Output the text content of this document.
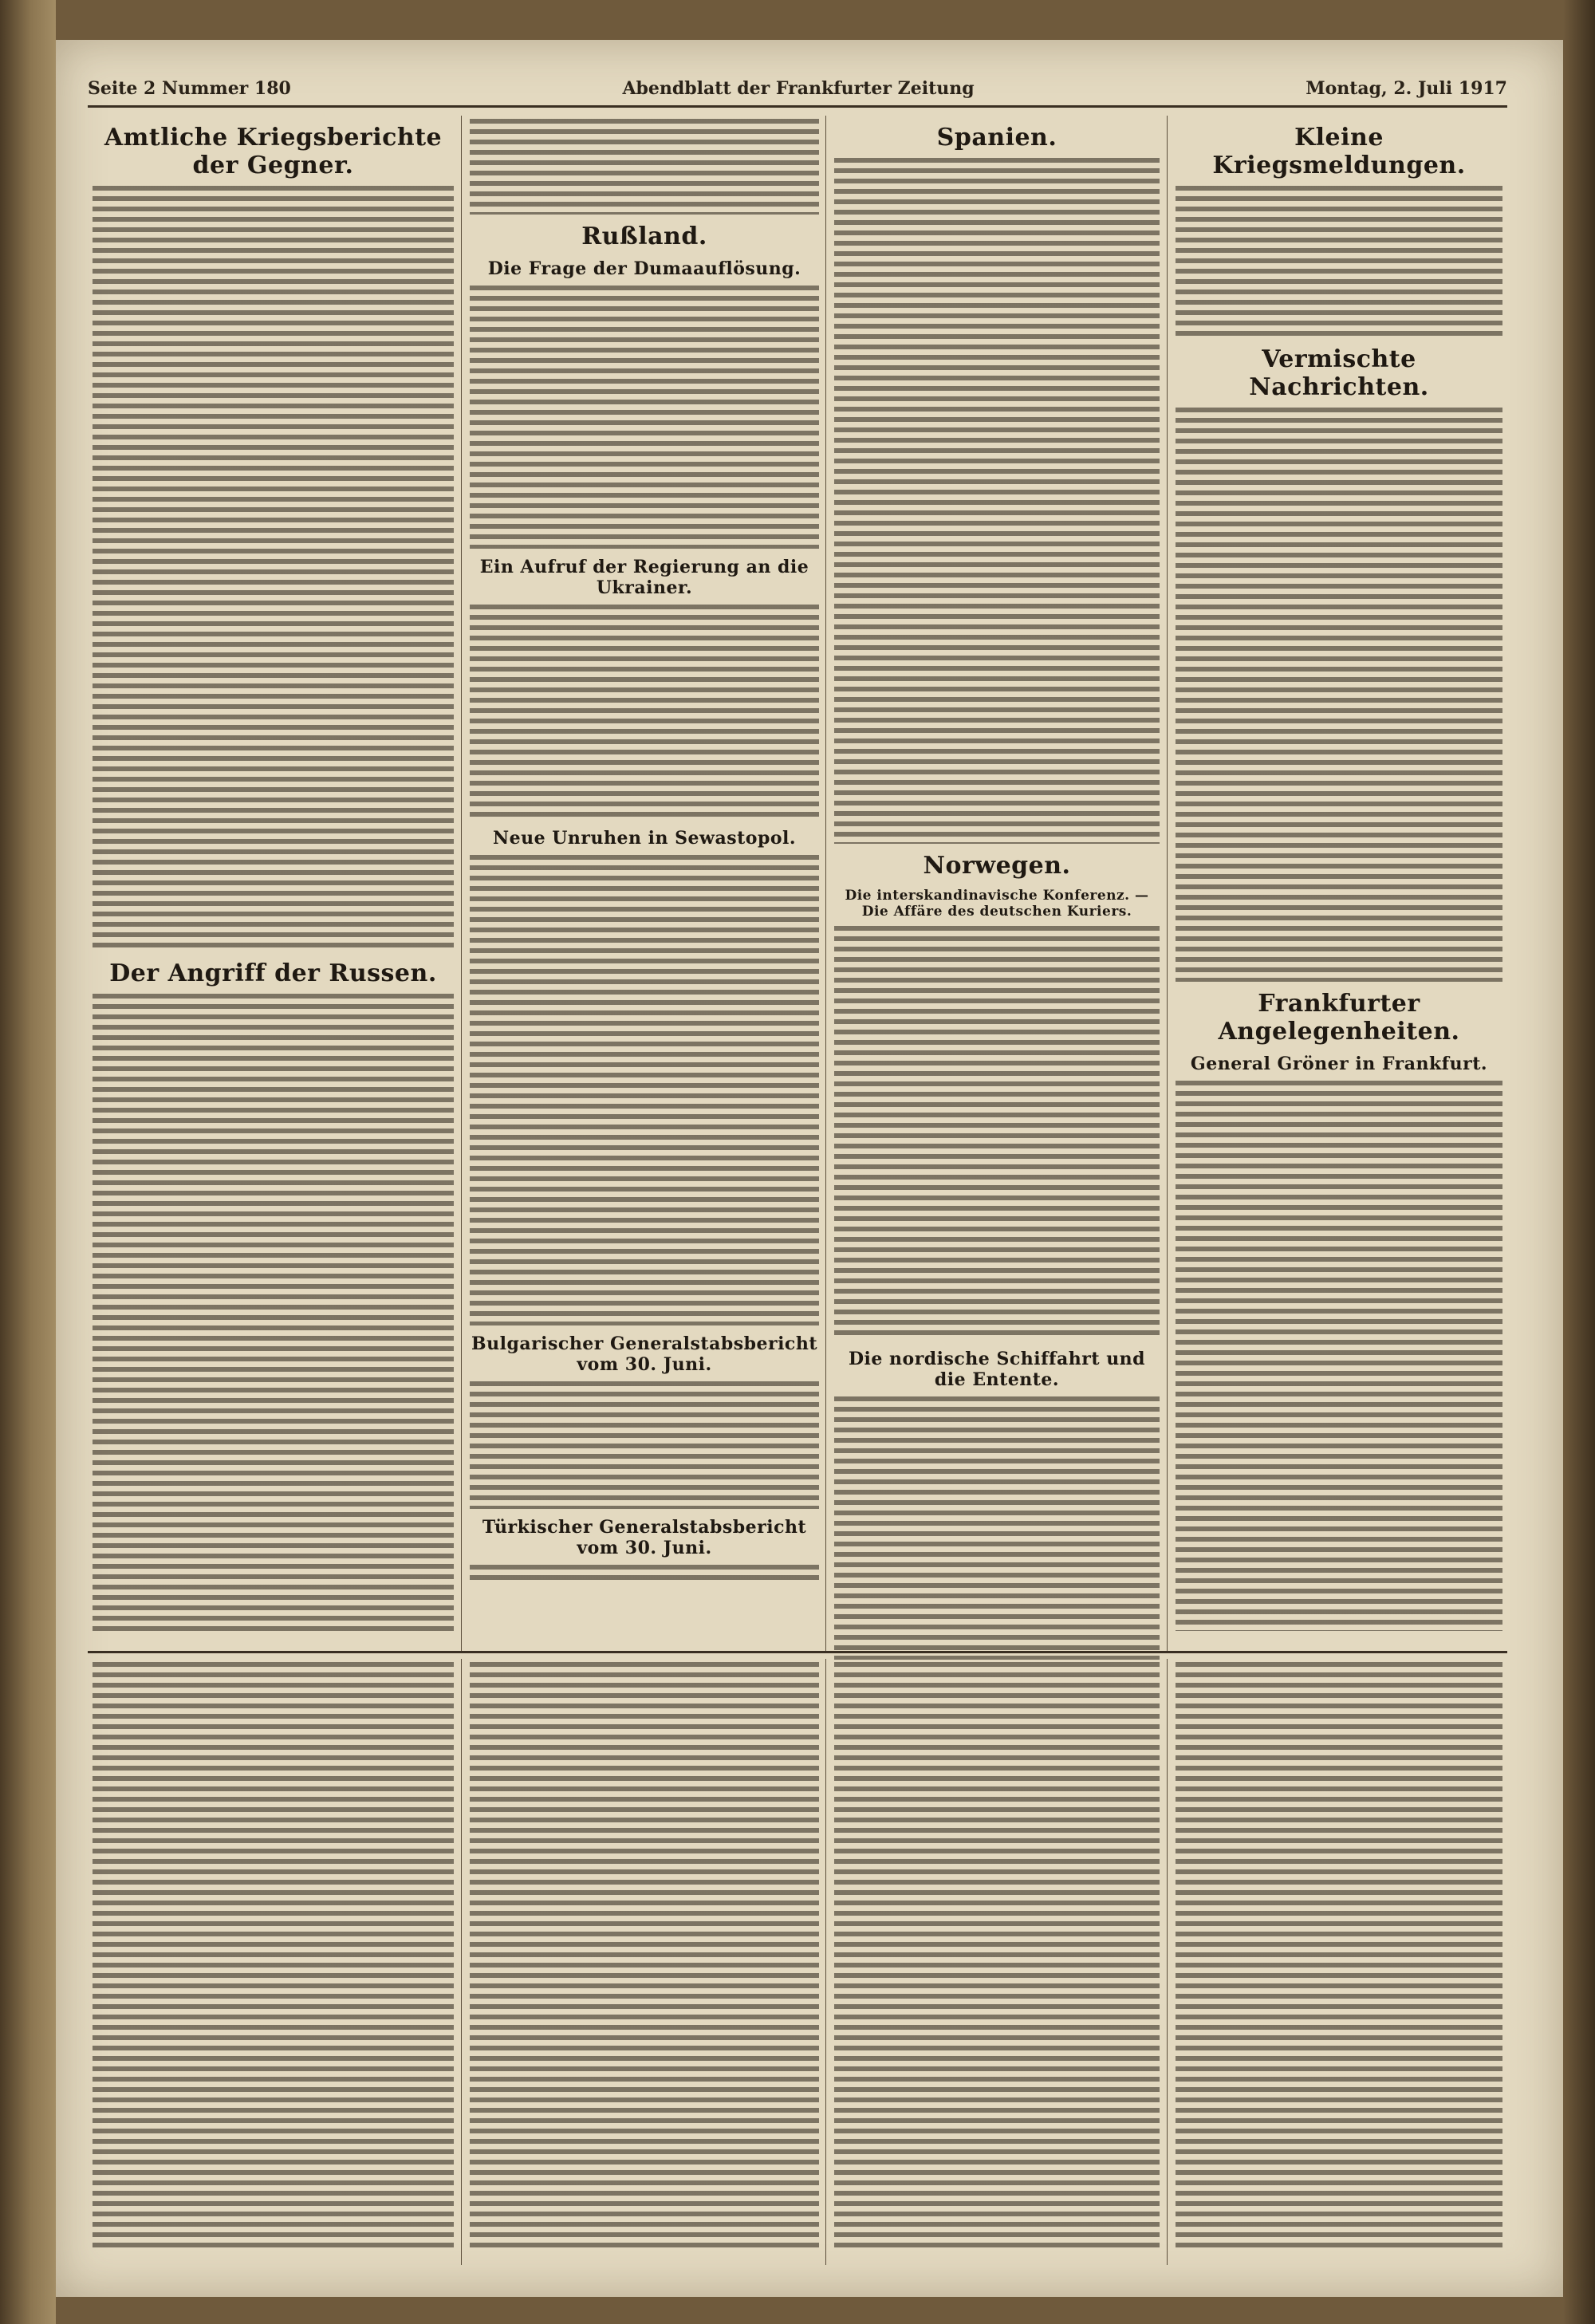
Seite 2 Nummer 180	Abendblatt der Frankfurter Zeitung	Montag, 2. Juli 1917
Amtliche Kriegsberichte der Gegner.
Der Angriff der Russen.
Rußland.
Die Frage der Dumaauflösung.
Ein Aufruf der Regierung an die Ukrainer.
Neue Unruhen in Sewastopol.
Bulgarischer Generalstabsbericht vom 30. Juni.
Türkischer Generalstabsbericht vom 30. Juni.
Spanien.
Norwegen.
Die interskandinavische Konferenz. — Die Affäre des deutschen Kuriers.
Die nordische Schiffahrt und die Entente.
Kleine Kriegsmeldungen.
Vermischte Nachrichten.
Frankfurter Angelegenheiten.
General Gröner in Frankfurt.
